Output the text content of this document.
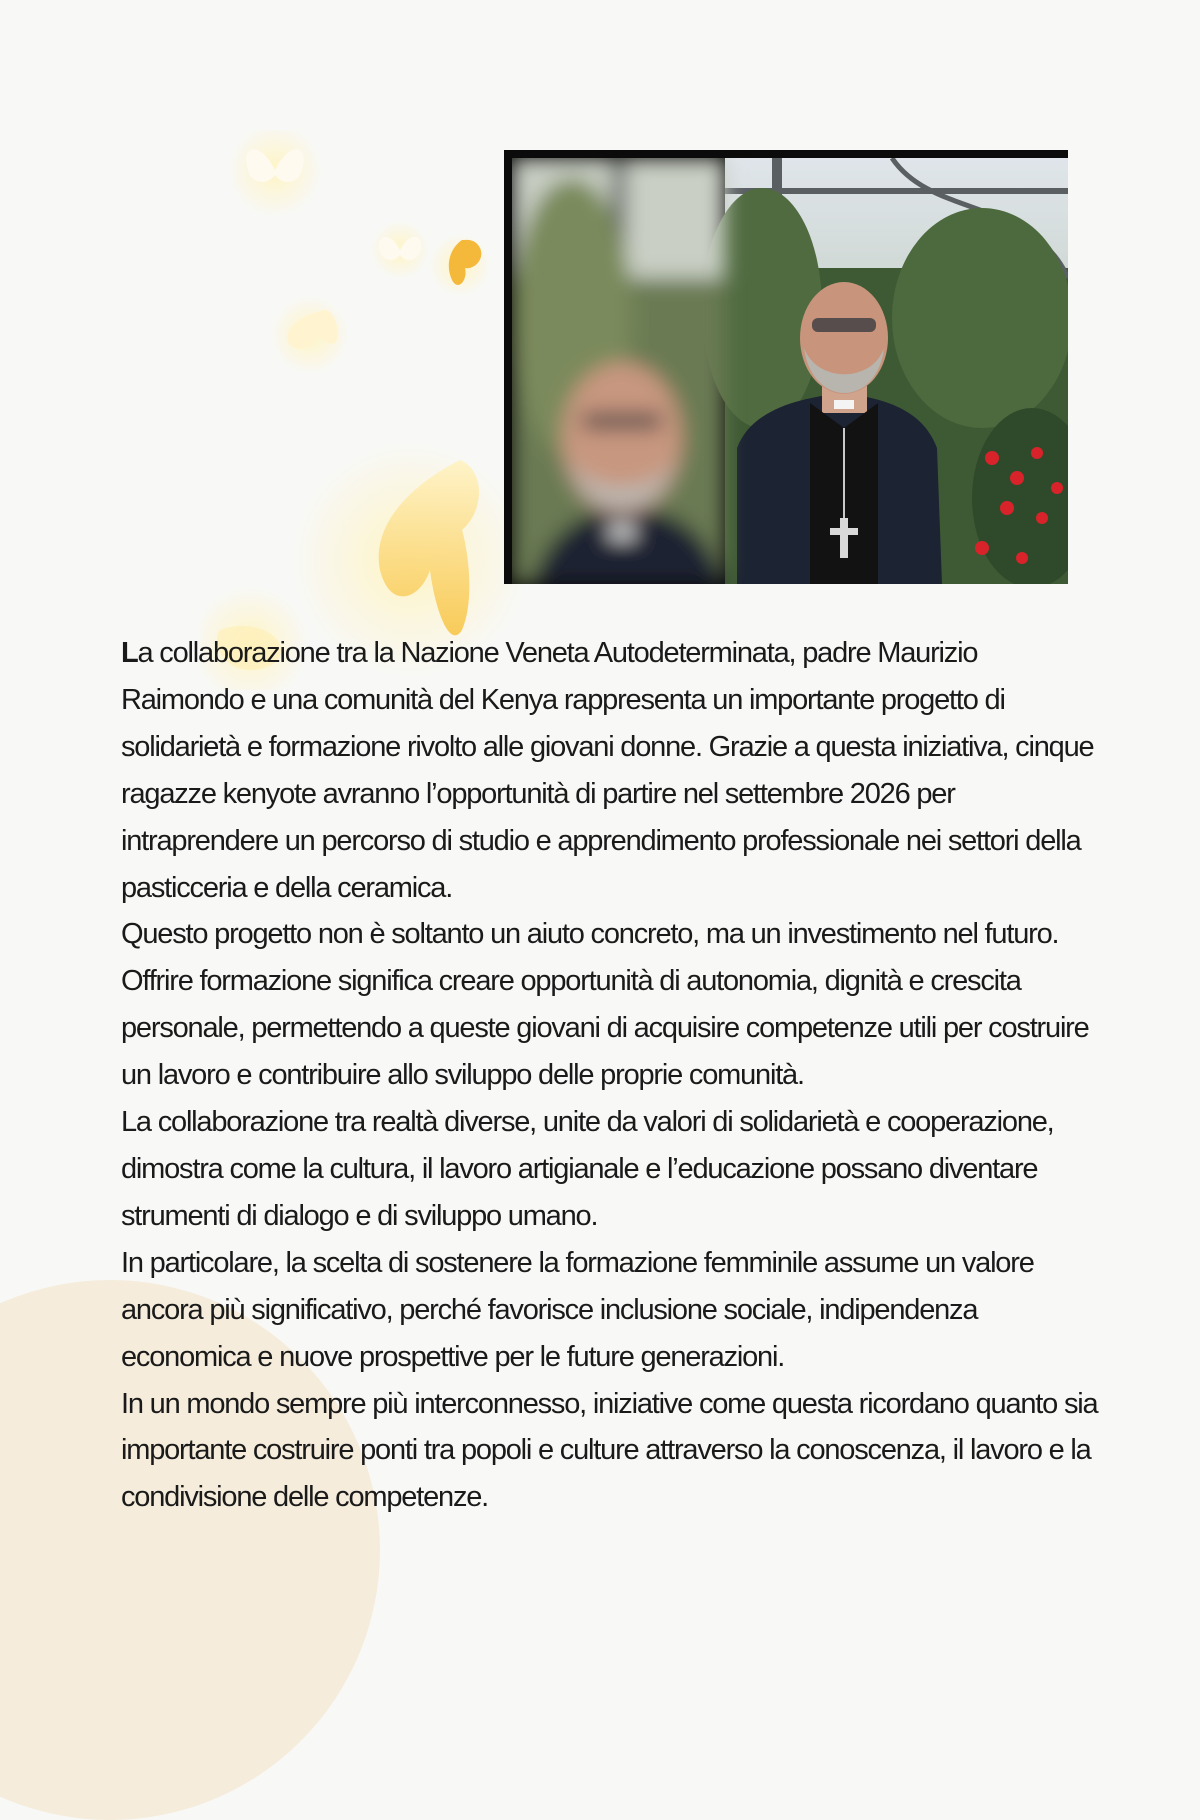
La collaborazione tra la Nazione Veneta Autodeterminata, padre Maurizio Raimondo e una comunità del Kenya rappresenta un importante progetto di solidarietà e formazione rivolto alle giovani donne. Grazie a questa iniziativa, cinque ragazze kenyote avranno l’opportunità di partire nel settembre 2026 per intraprendere un percorso di studio e apprendimento professionale nei settori della pasticceria e della ceramica.

Questo progetto non è soltanto un aiuto concreto, ma un investimento nel futuro. Offrire formazione significa creare opportunità di autonomia, dignità e crescita personale, permettendo a queste giovani di acquisire competenze utili per costruire un lavoro e contribuire allo sviluppo delle proprie comunità.

La collaborazione tra realtà diverse, unite da valori di solidarietà e cooperazione, dimostra come la cultura, il lavoro artigianale e l’educazione possano diventare strumenti di dialogo e di sviluppo umano.

In particolare, la scelta di sostenere la formazione femminile assume un valore ancora più significativo, perché favorisce inclusione sociale, indipendenza economica e nuove prospettive per le future generazioni.

In un mondo sempre più interconnesso, iniziative come questa ricordano quanto sia importante costruire ponti tra popoli e culture attraverso la conoscenza, il lavoro e la condivisione delle competenze.
